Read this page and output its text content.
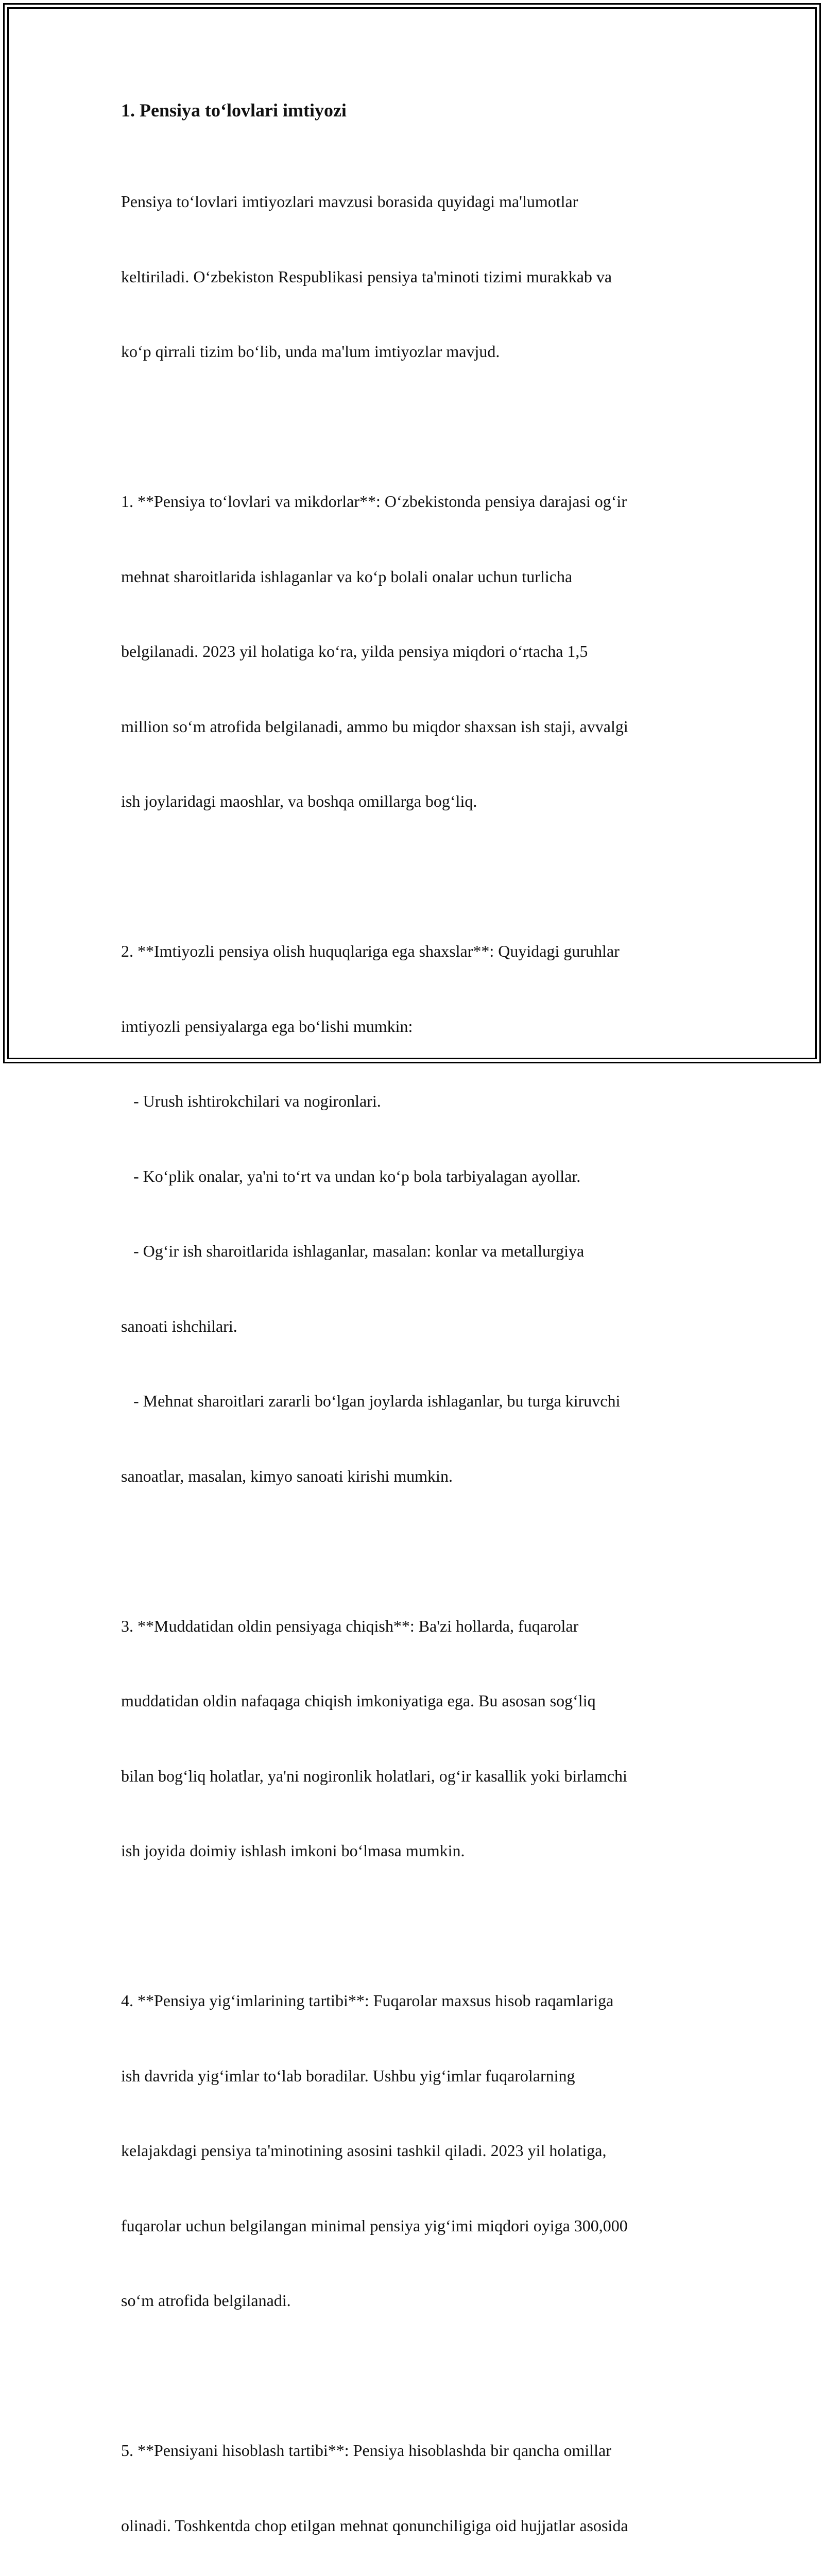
1. Pensiya to‘lovlari imtiyozi

Pensiya to‘lovlari imtiyozlari mavzusi borasida quyidagi ma'lumotlar

keltiriladi. O‘zbekiston Respublikasi pensiya ta'minoti tizimi murakkab va

ko‘p qirrali tizim bo‘lib, unda ma'lum imtiyozlar mavjud.

1. **Pensiya to‘lovlari va mikdorlar**: O‘zbekistonda pensiya darajasi og‘ir

mehnat sharoitlarida ishlaganlar va ko‘p bolali onalar uchun turlicha

belgilanadi. 2023 yil holatiga ko‘ra, yilda pensiya miqdori o‘rtacha 1,5

million so‘m atrofida belgilanadi, ammo bu miqdor shaxsan ish staji, avvalgi

ish joylaridagi maoshlar, va boshqa omillarga bog‘liq.

2. **Imtiyozli pensiya olish huquqlariga ega shaxslar**: Quyidagi guruhlar

imtiyozli pensiyalarga ega bo‘lishi mumkin:

- Urush ishtirokchilari va nogironlari.

- Ko‘plik onalar, ya'ni to‘rt va undan ko‘p bola tarbiyalagan ayollar.

- Og‘ir ish sharoitlarida ishlaganlar, masalan: konlar va metallurgiya

sanoati ishchilari.

- Mehnat sharoitlari zararli bo‘lgan joylarda ishlaganlar, bu turga kiruvchi

sanoatlar, masalan, kimyo sanoati kirishi mumkin.

3. **Muddatidan oldin pensiyaga chiqish**: Ba'zi hollarda, fuqarolar

muddatidan oldin nafaqaga chiqish imkoniyatiga ega. Bu asosan sog‘liq

bilan bog‘liq holatlar, ya'ni nogironlik holatlari, og‘ir kasallik yoki birlamchi

ish joyida doimiy ishlash imkoni bo‘lmasa mumkin.

4. **Pensiya yig‘imlarining tartibi**: Fuqarolar maxsus hisob raqamlariga

ish davrida yig‘imlar to‘lab boradilar. Ushbu yig‘imlar fuqarolarning

kelajakdagi pensiya ta'minotining asosini tashkil qiladi. 2023 yil holatiga,

fuqarolar uchun belgilangan minimal pensiya yig‘imi miqdori oyiga 300,000

so‘m atrofida belgilanadi.

5. **Pensiyani hisoblash tartibi**: Pensiya hisoblashda bir qancha omillar

olinadi. Toshkentda chop etilgan mehnat qonunchiligiga oid hujjatlar asosida
